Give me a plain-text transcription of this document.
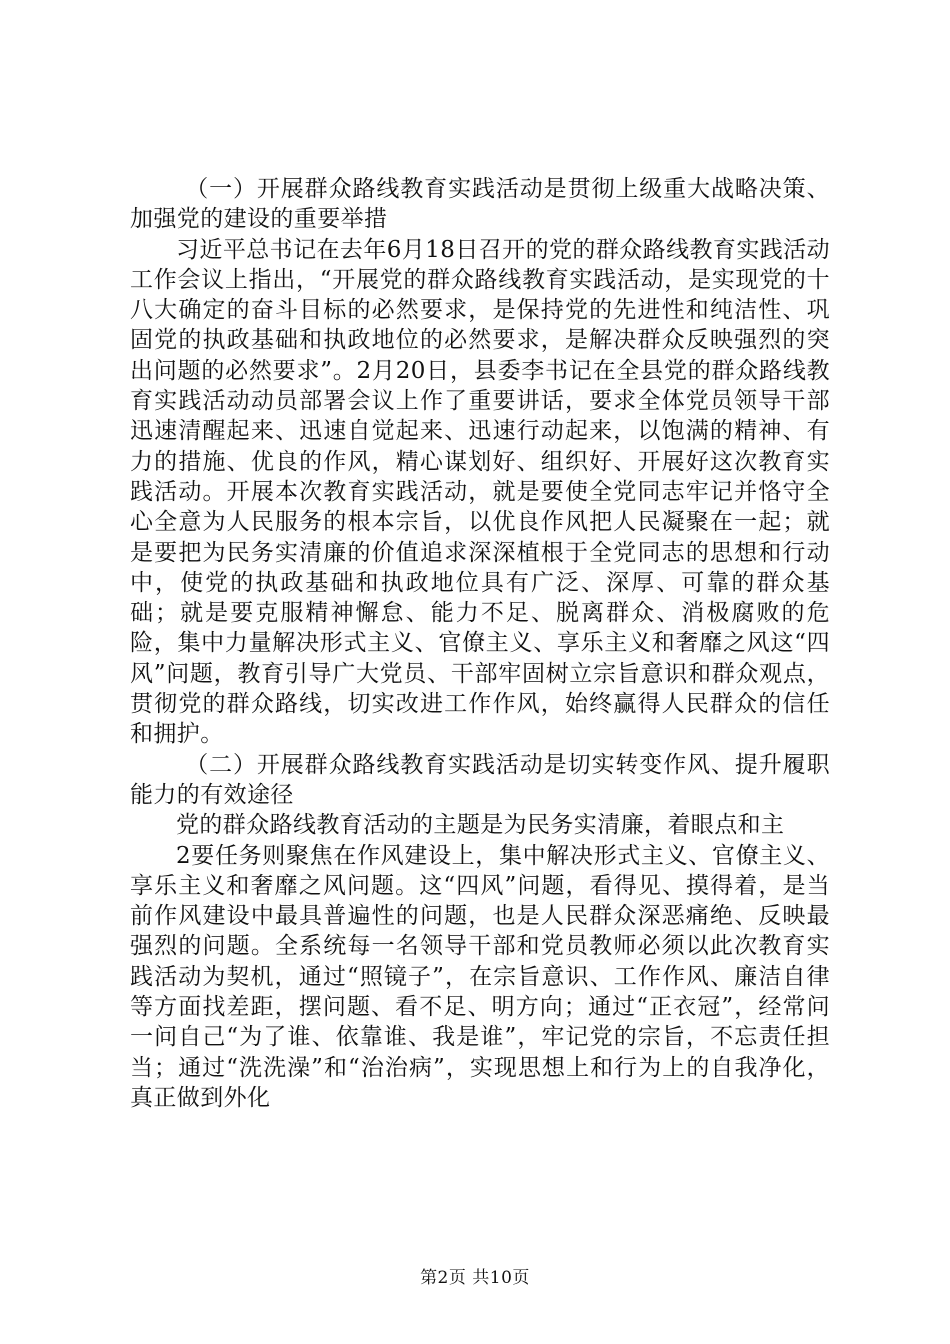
（一）开展群众路线教育实践活动是贯彻上级重大战略决策、加强党的建设的重要举措

习近平总书记在去年6月18日召开的党的群众路线教育实践活动工作会议上指出，“开展党的群众路线教育实践活动，是实现党的十八大确定的奋斗目标的必然要求，是保持党的先进性和纯洁性、巩固党的执政基础和执政地位的必然要求，是解决群众反映强烈的突出问题的必然要求”。2月20日，县委李书记在全县党的群众路线教育实践活动动员部署会议上作了重要讲话，要求全体党员领导干部迅速清醒起来、迅速自觉起来、迅速行动起来，以饱满的精神、有力的措施、优良的作风，精心谋划好、组织好、开展好这次教育实践活动。开展本次教育实践活动，就是要使全党同志牢记并恪守全心全意为人民服务的根本宗旨，以优良作风把人民凝聚在一起；就是要把为民务实清廉的价值追求深深植根于全党同志的思想和行动中，使党的执政基础和执政地位具有广泛、深厚、可靠的群众基础；就是要克服精神懈怠、能力不足、脱离群众、消极腐败的危险，集中力量解决形式主义、官僚主义、享乐主义和奢靡之风这“四风”问题，教育引导广大党员、干部牢固树立宗旨意识和群众观点，贯彻党的群众路线，切实改进工作作风，始终赢得人民群众的信任和拥护。

（二）开展群众路线教育实践活动是切实转变作风、提升履职能力的有效途径

党的群众路线教育活动的主题是为民务实清廉，着眼点和主

2要任务则聚焦在作风建设上，集中解决形式主义、官僚主义、享乐主义和奢靡之风问题。这“四风”问题，看得见、摸得着，是当前作风建设中最具普遍性的问题，也是人民群众深恶痛绝、反映最强烈的问题。全系统每一名领导干部和党员教师必须以此次教育实践活动为契机，通过“照镜子”，在宗旨意识、工作作风、廉洁自律等方面找差距，摆问题、看不足、明方向；通过“正衣冠”，经常问一问自己“为了谁、依靠谁、我是谁”，牢记党的宗旨，不忘责任担当；通过“洗洗澡”和“治治病”，实现思想上和行为上的自我净化，真正做到外化

第2页 共10页
